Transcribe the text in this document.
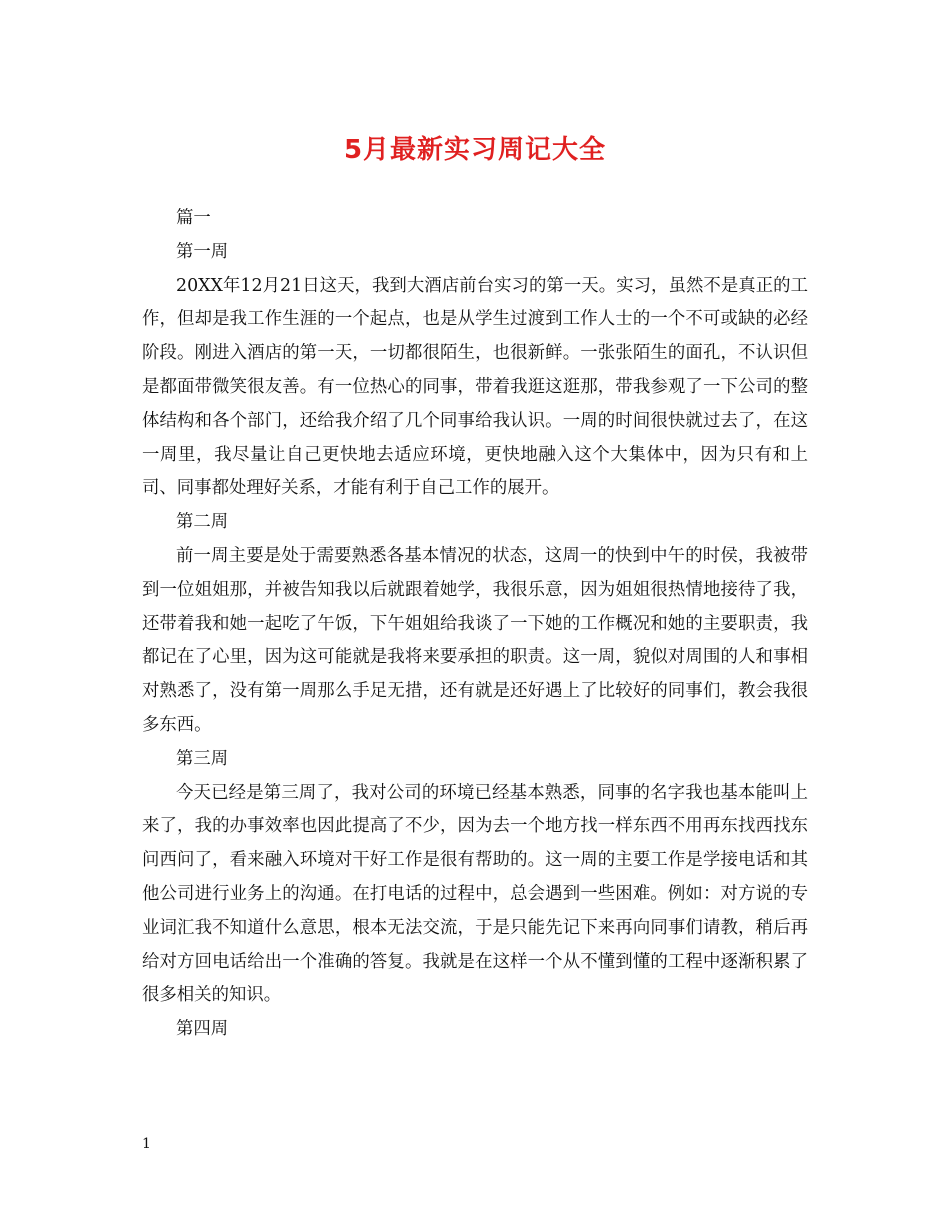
5月最新实习周记大全

篇一

第一周

20XX年12月21日这天，我到大酒店前台实习的第一天。实习，虽然不是真正的工作，但却是我工作生涯的一个起点，也是从学生过渡到工作人士的一个不可或缺的必经阶段。刚进入酒店的第一天，一切都很陌生，也很新鲜。一张张陌生的面孔，不认识但是都面带微笑很友善。有一位热心的同事，带着我逛这逛那，带我参观了一下公司的整体结构和各个部门，还给我介绍了几个同事给我认识。一周的时间很快就过去了，在这一周里，我尽量让自己更快地去适应环境，更快地融入这个大集体中，因为只有和上司、同事都处理好关系，才能有利于自己工作的展开。

第二周

前一周主要是处于需要熟悉各基本情况的状态，这周一的快到中午的时侯，我被带到一位姐姐那，并被告知我以后就跟着她学，我很乐意，因为姐姐很热情地接待了我，还带着我和她一起吃了午饭，下午姐姐给我谈了一下她的工作概况和她的主要职责，我都记在了心里，因为这可能就是我将来要承担的职责。这一周，貌似对周围的人和事相对熟悉了，没有第一周那么手足无措，还有就是还好遇上了比较好的同事们，教会我很多东西。

第三周

今天已经是第三周了，我对公司的环境已经基本熟悉，同事的名字我也基本能叫上来了，我的办事效率也因此提高了不少，因为去一个地方找一样东西不用再东找西找东问西问了，看来融入环境对干好工作是很有帮助的。这一周的主要工作是学接电话和其他公司进行业务上的沟通。在打电话的过程中，总会遇到一些困难。例如：对方说的专业词汇我不知道什么意思，根本无法交流，于是只能先记下来再向同事们请教，稍后再给对方回电话给出一个准确的答复。我就是在这样一个从不懂到懂的工程中逐渐积累了很多相关的知识。

第四周

1
